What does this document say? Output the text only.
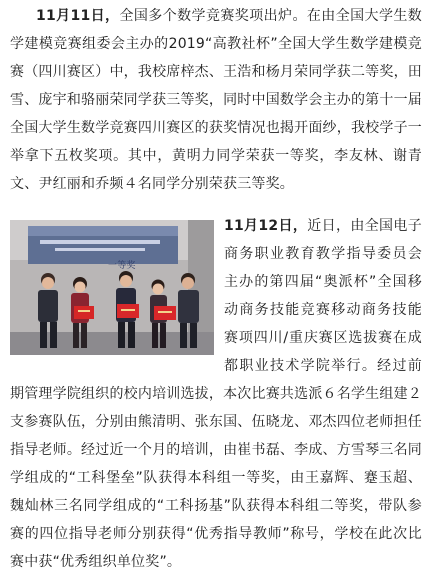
11月11日，全国多个数学竞赛奖项出炉。在由全国大学生数学建模竞赛组委会主办的2019“高教社杯”全国大学生数学建模竞赛（四川赛区）中，我校席梓杰、王浩和杨月荣同学获二等奖，田雪、庞宇和骆丽荣同学获三等奖，同时中国数学会主办的第十一届全国大学生数学竞赛四川赛区的获奖情况也揭开面纱，我校学子一举拿下五枚奖项。其中，黄明力同学荣获一等奖，李友林、谢青文、尹红丽和乔频４名同学分别荣获三等奖。

一等奖
获奖证书	11月12日，近日，由全国电子商务职业教育教学指导委员会主办的第四届“奥派杯”全国移动商务技能竞赛移动商务技能赛项四川/重庆赛区选拔赛在成都职业技术学院举行。经过前期管理学院组织的校内培训选拔，本次比赛共选派６名学生组建２支参赛队伍，分别由熊清明、张东国、伍晓龙、邓杰四位老师担任指导老师。经过近一个月的培训，由崔书磊、李成、方雪琴三名同学组成的“工科堡垒”队获得本科组一等奖，由王嘉辉、蹇玉超、魏灿林三名同学组成的“工科扬基”队获得本科组二等奖，带队参赛的四位指导老师分别获得“优秀指导教师”称号，学校在此次比赛中获“优秀组织单位奖”。
